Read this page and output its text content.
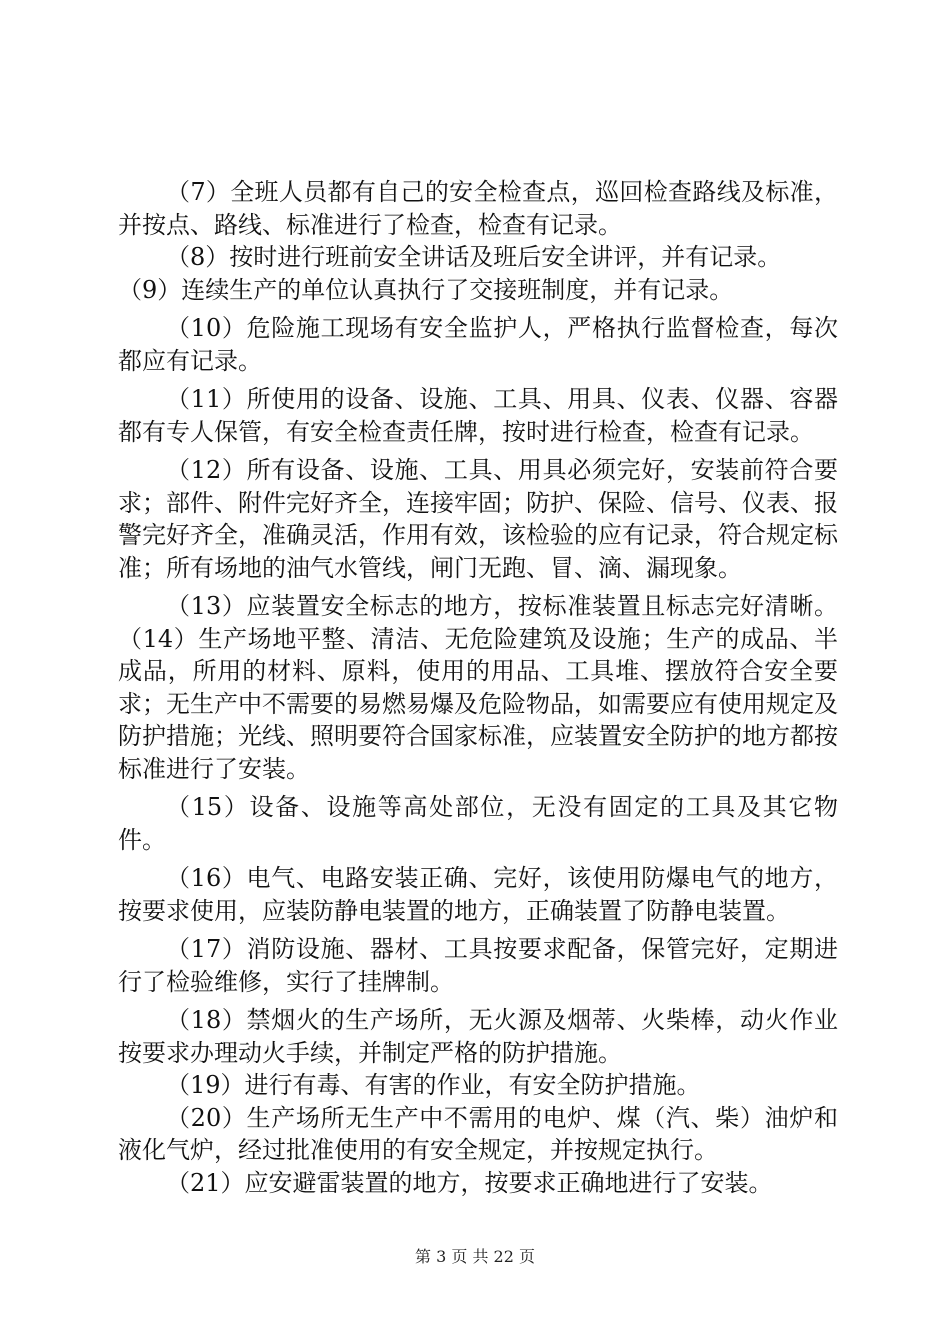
（7）全班人员都有自己的安全检查点，巡回检查路线及标准，并按点、路线、标准进行了检查，检查有记录。

（8）按时进行班前安全讲话及班后安全讲评，并有记录。

（9）连续生产的单位认真执行了交接班制度，并有记录。

（10）危险施工现场有安全监护人，严格执行监督检查，每次都应有记录。

（11）所使用的设备、设施、工具、用具、仪表、仪器、容器都有专人保管，有安全检查责任牌，按时进行检查，检查有记录。

（12）所有设备、设施、工具、用具必须完好，安装前符合要求；部件、附件完好齐全，连接牢固；防护、保险、信号、仪表、报警完好齐全，准确灵活，作用有效，该检验的应有记录，符合规定标准；所有场地的油气水管线，闸门无跑、冒、滴、漏现象。

（13）应装置安全标志的地方，按标准装置且标志完好清晰。（14）生产场地平整、清洁、无危险建筑及设施；生产的成品、半成品，所用的材料、原料，使用的用品、工具堆、摆放符合安全要求；无生产中不需要的易燃易爆及危险物品，如需要应有使用规定及防护措施；光线、照明要符合国家标准，应装置安全防护的地方都按标准进行了安装。

（15）设备、设施等高处部位，无没有固定的工具及其它物件。

（16）电气、电路安装正确、完好，该使用防爆电气的地方，按要求使用，应装防静电装置的地方，正确装置了防静电装置。

（17）消防设施、器材、工具按要求配备，保管完好，定期进行了检验维修，实行了挂牌制。

（18）禁烟火的生产场所，无火源及烟蒂、火柴棒，动火作业按要求办理动火手续，并制定严格的防护措施。

（19）进行有毒、有害的作业，有安全防护措施。

（20）生产场所无生产中不需用的电炉、煤（汽、柴）油炉和液化气炉，经过批准使用的有安全规定，并按规定执行。

（21）应安避雷装置的地方，按要求正确地进行了安装。

第 3 页 共 22 页
